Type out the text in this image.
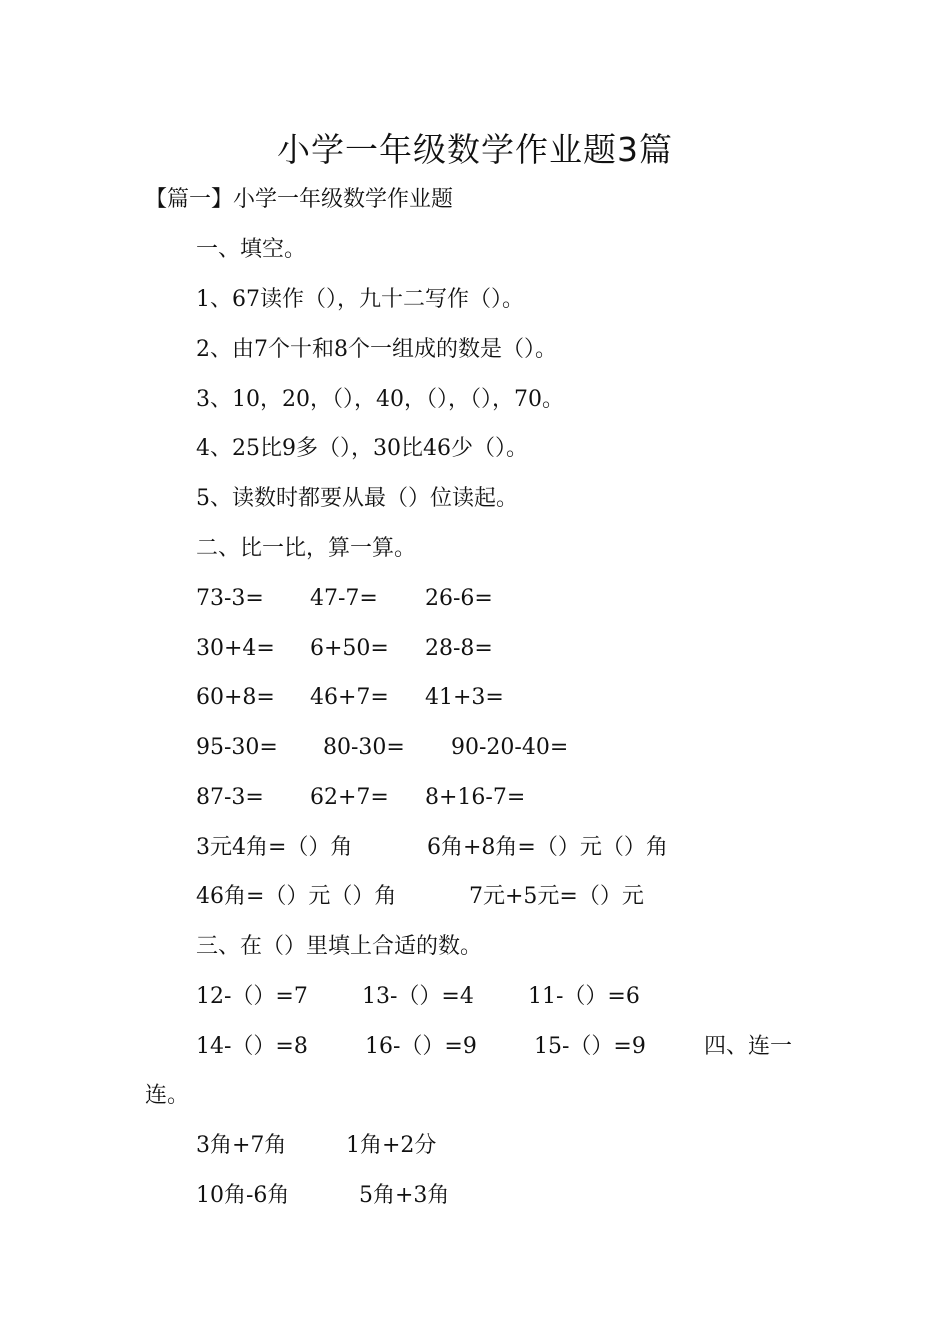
小学一年级数学作业题3篇

【篇一】小学一年级数学作业题

一、填空。

1、67读作（），九十二写作（）。

2、由7个十和8个一组成的数是（）。

3、10，20，（），40，（），（），70。

4、25比9多（），30比46少（）。

5、读数时都要从最（）位读起。

二、比一比，算一算。

73-3= 47-7= 26-6=

30+4= 6+50= 28-8=

60+8= 46+7= 41+3=

95-30= 80-30= 90-20-40=

87-3= 62+7= 8+16-7=

3元4角=（）角	6角+8角=（）元（）角

46角=（）元（）角	7元+5元=（）元

三、在（）里填上合适的数。

12-（）=7 13-（）=4 11-（）=6

14-（）=8	16-（）=9	15-（）=9	四、连一

连。

3角+7角	1角+2分

10角-6角	5角+3角
